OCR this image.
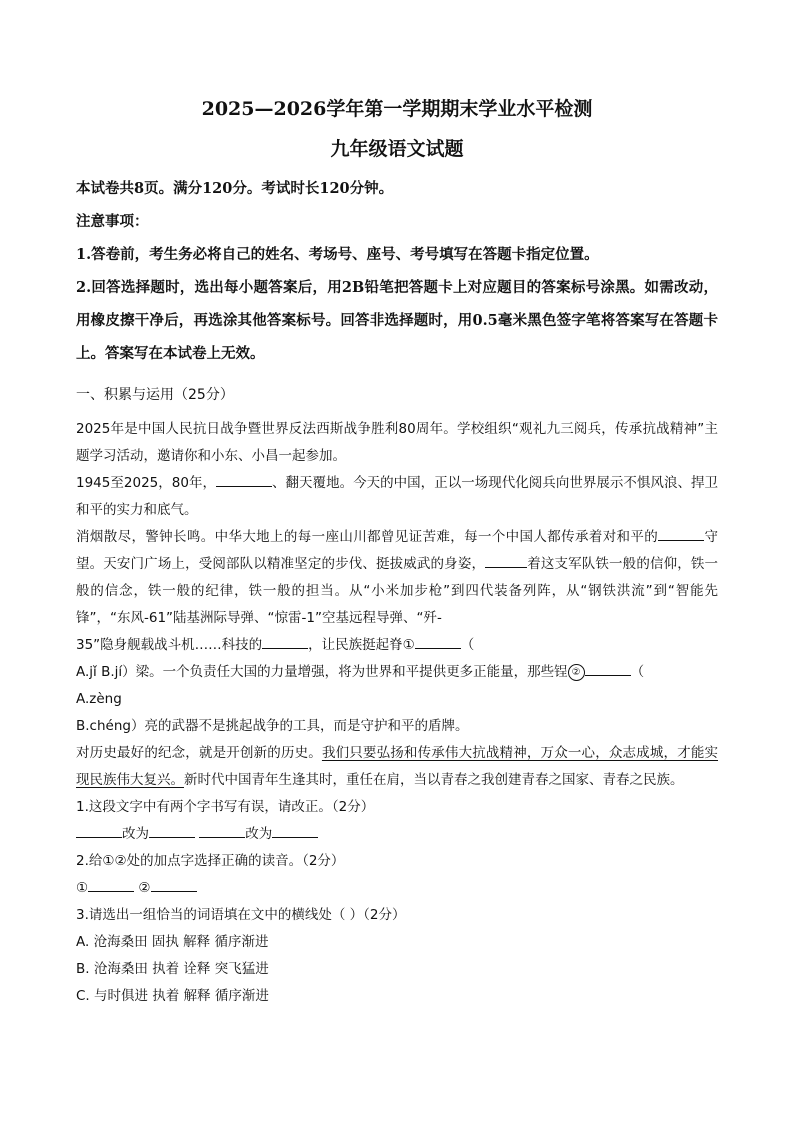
2025—2026学年第一学期期末学业水平检测
九年级语文试题

本试卷共8页。满分120分。考试时长120分钟。

注意事项：

1.答卷前，考生务必将自己的姓名、考场号、座号、考号填写在答题卡指定位置。

2.回答选择题时，选出每小题答案后，用2B铅笔把答题卡上对应题目的答案标号涂黑。如需改动，用橡皮擦干净后，再选涂其他答案标号。回答非选择题时，用0.5毫米黑色签字笔将答案写在答题卡上。答案写在本试卷上无效。

一、积累与运用（25分）

2025年是中国人民抗日战争暨世界反法西斯战争胜利80周年。学校组织“观礼九三阅兵，传承抗战精神”主题学习活动，邀请你和小东、小昌一起参加。

1945至2025，80年，	、翻天覆地。今天的中国，正以一场现代化阅兵向世界展示不惧风浪、捍卫和平的实力和底气。

消烟散尽，警钟长鸣。中华大地上的每一座山川都曾见证苦难，每一个中国人都传承着对和平的	守望。天安门广场上，受阅部队以精准坚定的步伐、挺拔威武的身姿，	着这支军队铁一般的信仰，铁一般的信念，铁一般的纪律，铁一般的担当。从“小米加步枪”到四代装备列阵，从“钢铁洪流”到“智能先锋”，“东风-61”陆基洲际导弹、“惊雷-1”空基远程导弹、“歼-

35”隐身舰载战斗机……科技的	，让民族挺起脊①	（

A.jǐ B.jí）梁。一个负责任大国的力量增强，将为世界和平提供更多正能量，那些锃 ②	（

A.zèng

B.chéng）亮的武器不是挑起战争的工具，而是守护和平的盾牌。

对历史最好的纪念，就是开创新的历史。我们只要弘扬和传承伟大抗战精神，万众一心，众志成城，才能实现民族伟大复兴。新时代中国青年生逢其时，重任在肩，当以青春之我创建青春之国家、青春之民族。

1.这段文字中有两个字书写有误，请改正。（2分）

改为	改为

2.给①②处的加点字选择正确的读音。（2分）

①	②

3.请选出一组恰当的词语填在文中的横线处（ ）（2分）

A. 沧海桑田 固执 解释 循序渐进

B. 沧海桑田 执着 诠释 突飞猛进

C. 与时俱进 执着 解释 循序渐进
